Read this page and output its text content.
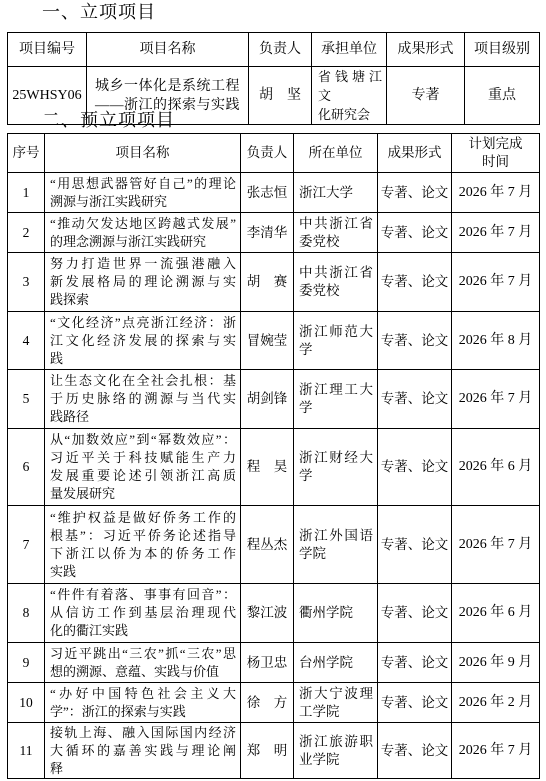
一、立项项目
项目编号	项目名称	负责人	承担单位	成果形式	项目级别
25WHSY06	城乡一体化是系统工程
——浙江的探索与实践	胡　坚	省钱塘江文
化研究会	专著	重点
二、预立项项目
序号	项目名称	负责人	所在单位	成果形式	计划完成
时间
1	“用思想武器管好自己”的理论
溯源与浙江实践研究	张志恒	浙江大学	专著、论文	2026 年 7 月
2	“推动欠发达地区跨越式发展”
的理念溯源与浙江实践研究	李清华	中共浙江省
委党校	专著、论文	2026 年 7 月
3	努力打造世界一流强港融入
新发展格局的理论溯源与实
践探索	胡　赛	中共浙江省
委党校	专著、论文	2026 年 7 月
4	“文化经济”点亮浙江经济：浙
江文化经济发展的探索与实
践	冒婉莹	浙江师范大
学	专著、论文	2026 年 8 月
5	让生态文化在全社会扎根：基
于历史脉络的溯源与当代实
践路径	胡剑锋	浙江理工大
学	专著、论文	2026 年 7 月
6	从“加数效应”到“幂数效应”：
习近平关于科技赋能生产力
发展重要论述引领浙江高质
量发展研究	程　昊	浙江财经大
学	专著、论文	2026 年 6 月
7	“维护权益是做好侨务工作的
根基”：习近平侨务论述指导
下浙江以侨为本的侨务工作
实践	程丛杰	浙江外国语
学院	专著、论文	2026 年 7 月
8	“件件有着落、事事有回音”：
从信访工作到基层治理现代
化的衢江实践	黎江波	衢州学院	专著、论文	2026 年 6 月
9	习近平跳出“三农”抓“三农”思
想的溯源、意蕴、实践与价值	杨卫忠	台州学院	专著、论文	2026 年 9 月
10	“办好中国特色社会主义大
学”：浙江的探索与实践	徐　方	浙大宁波理
工学院	专著、论文	2026 年 2 月
11	接轨上海、融入国际国内经济
大循环的嘉善实践与理论阐
释	郑　明	浙江旅游职
业学院	专著、论文	2026 年 7 月
